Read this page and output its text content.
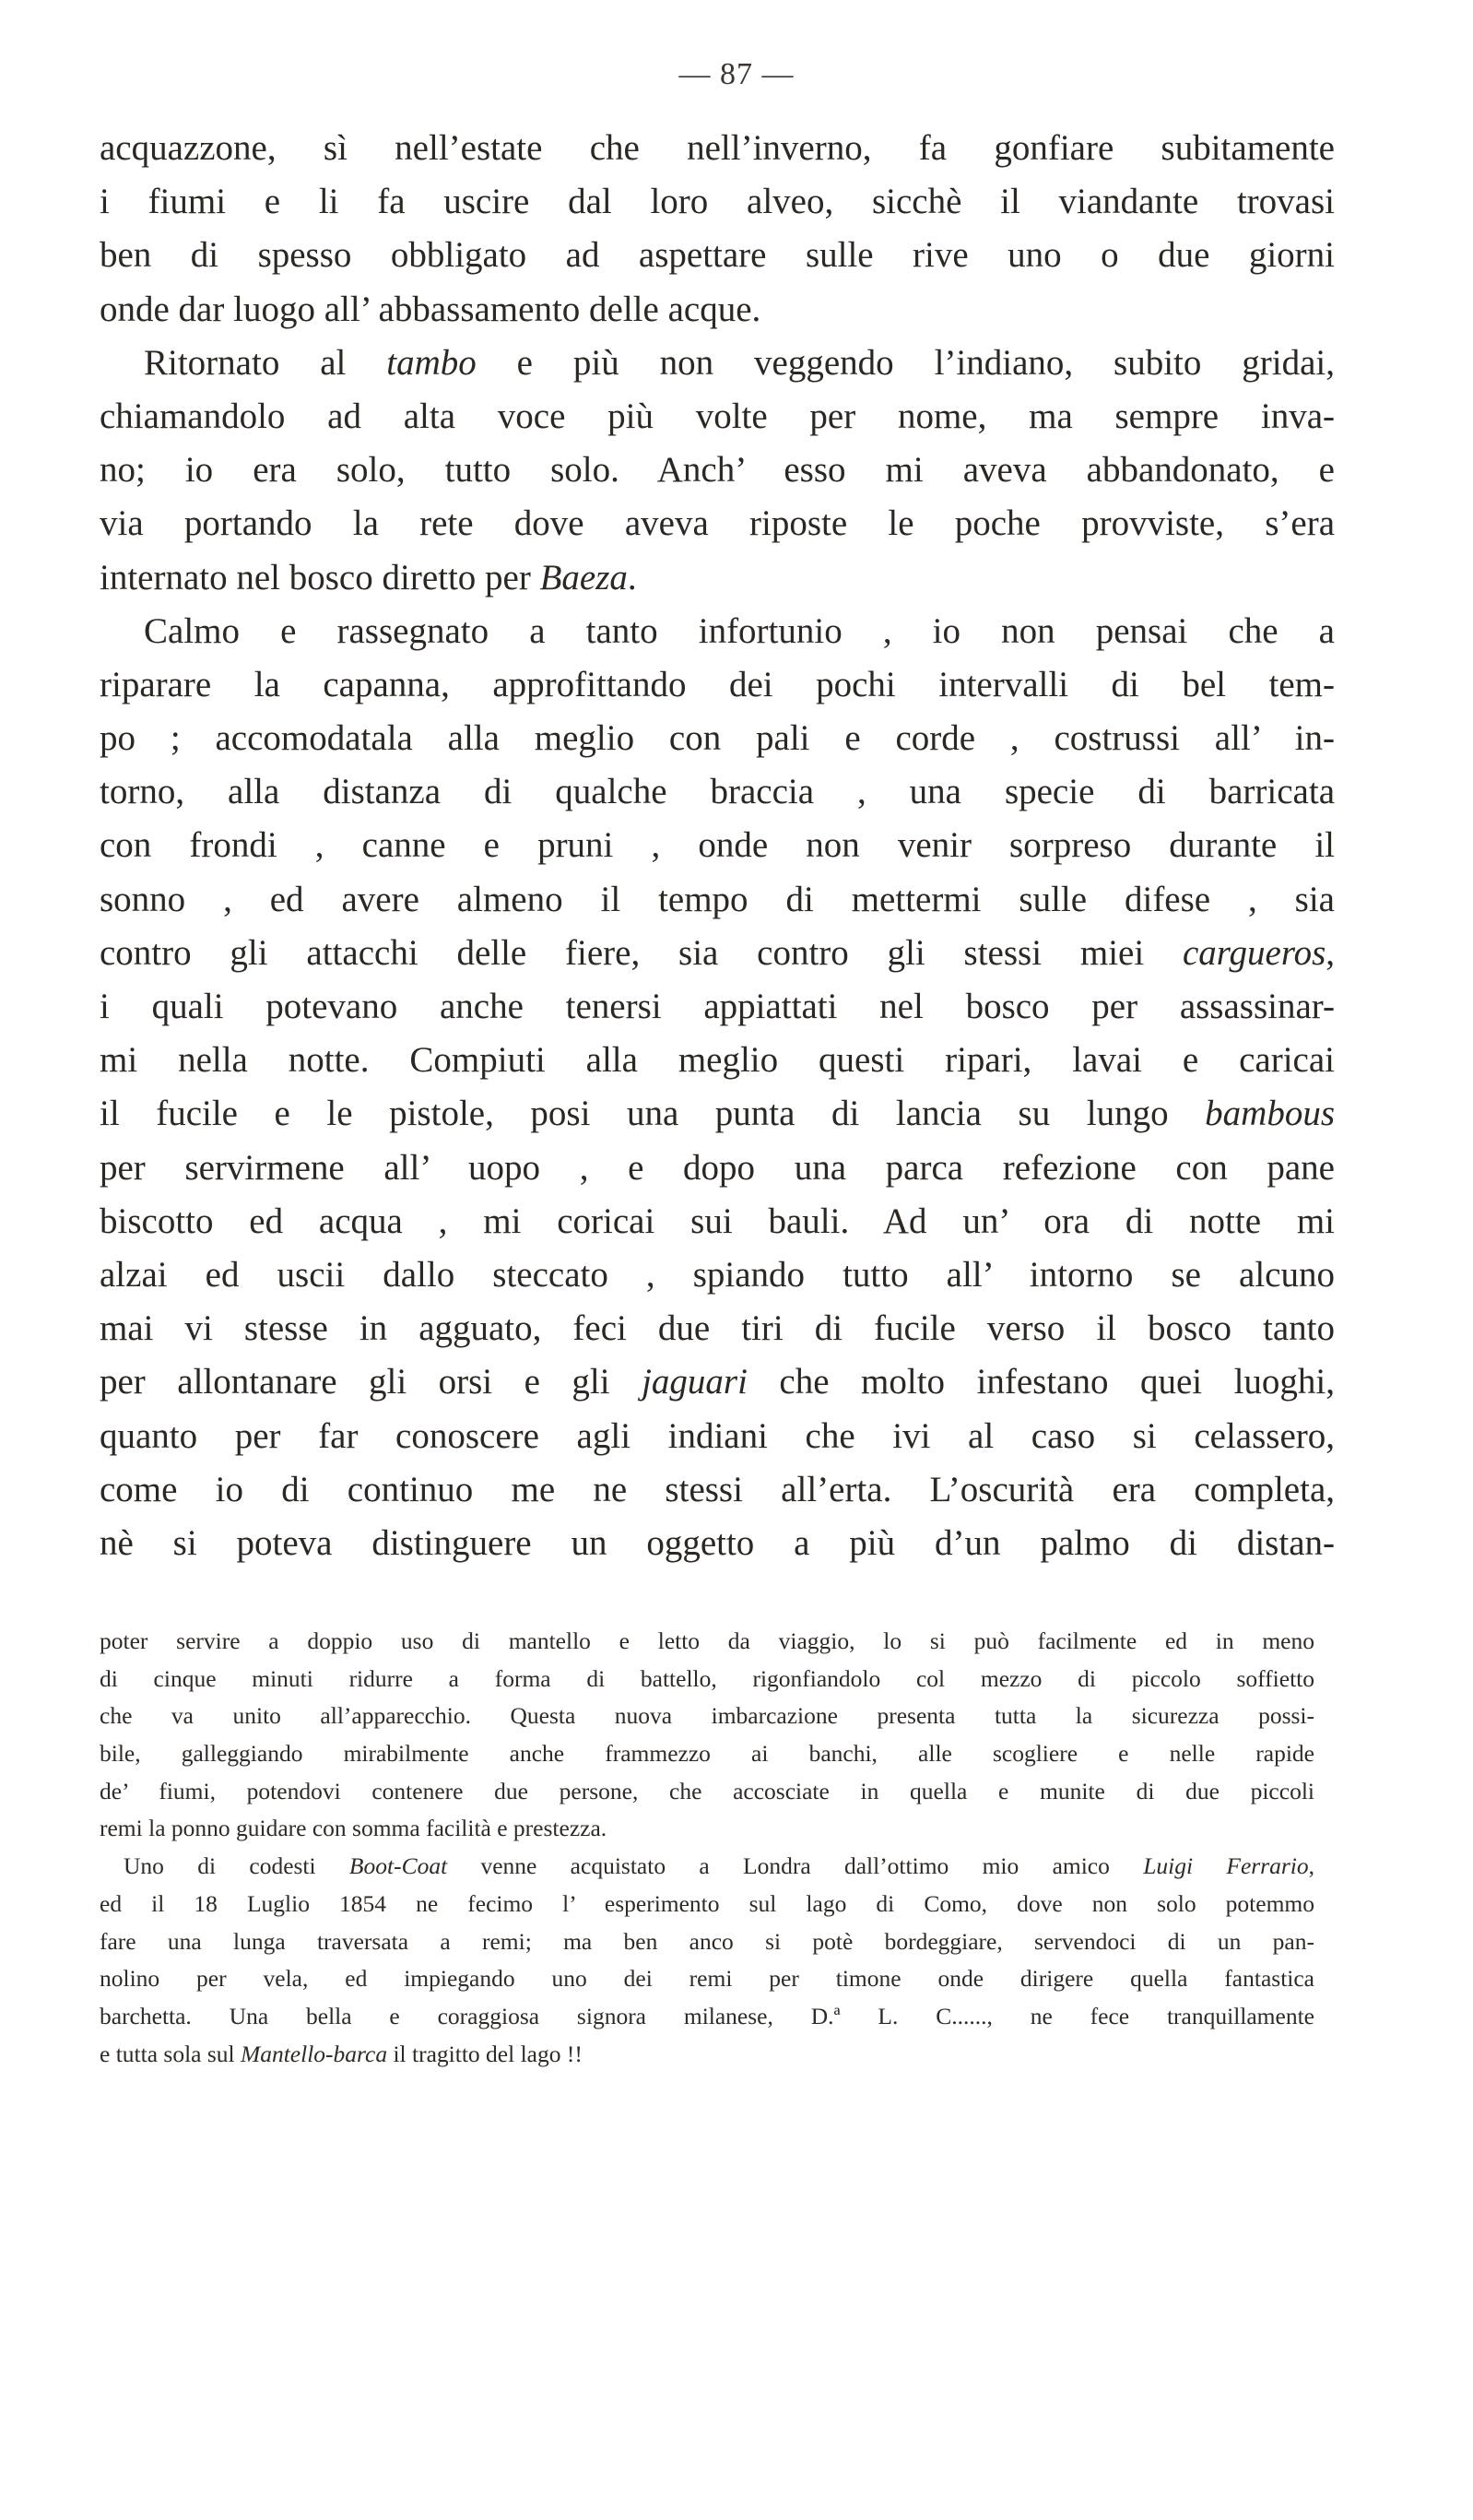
— 87 —
acquazzone, sì nell’estate che nell’inverno, fa gonfiare subitamente
i fiumi e li fa uscire dal loro alveo, sicchè il viandante trovasi
ben di spesso obbligato ad aspettare sulle rive uno o due giorni
onde dar luogo all’ abbassamento delle acque.
Ritornato al tambo e più non veggendo l’indiano, subito gridai,
chiamandolo ad alta voce più volte per nome, ma sempre inva-
no; io era solo, tutto solo. Anch’ esso mi aveva abbandonato, e
via portando la rete dove aveva riposte le poche provviste, s’era
internato nel bosco diretto per Baeza.
Calmo e rassegnato a tanto infortunio , io non pensai che a
riparare la capanna, approfittando dei pochi intervalli di bel tem-
po ; accomodatala alla meglio con pali e corde , costrussi all’ in-
torno, alla distanza di qualche braccia , una specie di barricata
con frondi , canne e pruni , onde non venir sorpreso durante il
sonno , ed avere almeno il tempo di mettermi sulle difese , sia
contro gli attacchi delle fiere, sia contro gli stessi miei cargueros,
i quali potevano anche tenersi appiattati nel bosco per assassinar-
mi nella notte. Compiuti alla meglio questi ripari, lavai e caricai
il fucile e le pistole, posi una punta di lancia su lungo bambous
per servirmene all’ uopo , e dopo una parca refezione con pane
biscotto ed acqua , mi coricai sui bauli. Ad un’ ora di notte mi
alzai ed uscii dallo steccato , spiando tutto all’ intorno se alcuno
mai vi stesse in agguato, feci due tiri di fucile verso il bosco tanto
per allontanare gli orsi e gli jaguari che molto infestano quei luoghi,
quanto per far conoscere agli indiani che ivi al caso si celassero,
come io di continuo me ne stessi all’erta. L’oscurità era completa,
nè si poteva distinguere un oggetto a più d’un palmo di distan-
poter servire a doppio uso di mantello e letto da viaggio, lo si può facilmente ed in meno
di cinque minuti ridurre a forma di battello, rigonfiandolo col mezzo di piccolo soffietto
che va unito all’apparecchio. Questa nuova imbarcazione presenta tutta la sicurezza possi-
bile, galleggiando mirabilmente anche frammezzo ai banchi, alle scogliere e nelle rapide
de’ fiumi, potendovi contenere due persone, che accosciate in quella e munite di due piccoli
remi la ponno guidare con somma facilità e prestezza.
Uno di codesti Boot-Coat venne acquistato a Londra dall’ottimo mio amico Luigi Ferrario,
ed il 18 Luglio 1854 ne fecimo l’ esperimento sul lago di Como, dove non solo potemmo
fare una lunga traversata a remi; ma ben anco si potè bordeggiare, servendoci di un pan-
nolino per vela, ed impiegando uno dei remi per timone onde dirigere quella fantastica
barchetta. Una bella e coraggiosa signora milanese, D.ª L. C......, ne fece tranquillamente
e tutta sola sul Mantello-barca il tragitto del lago !!
